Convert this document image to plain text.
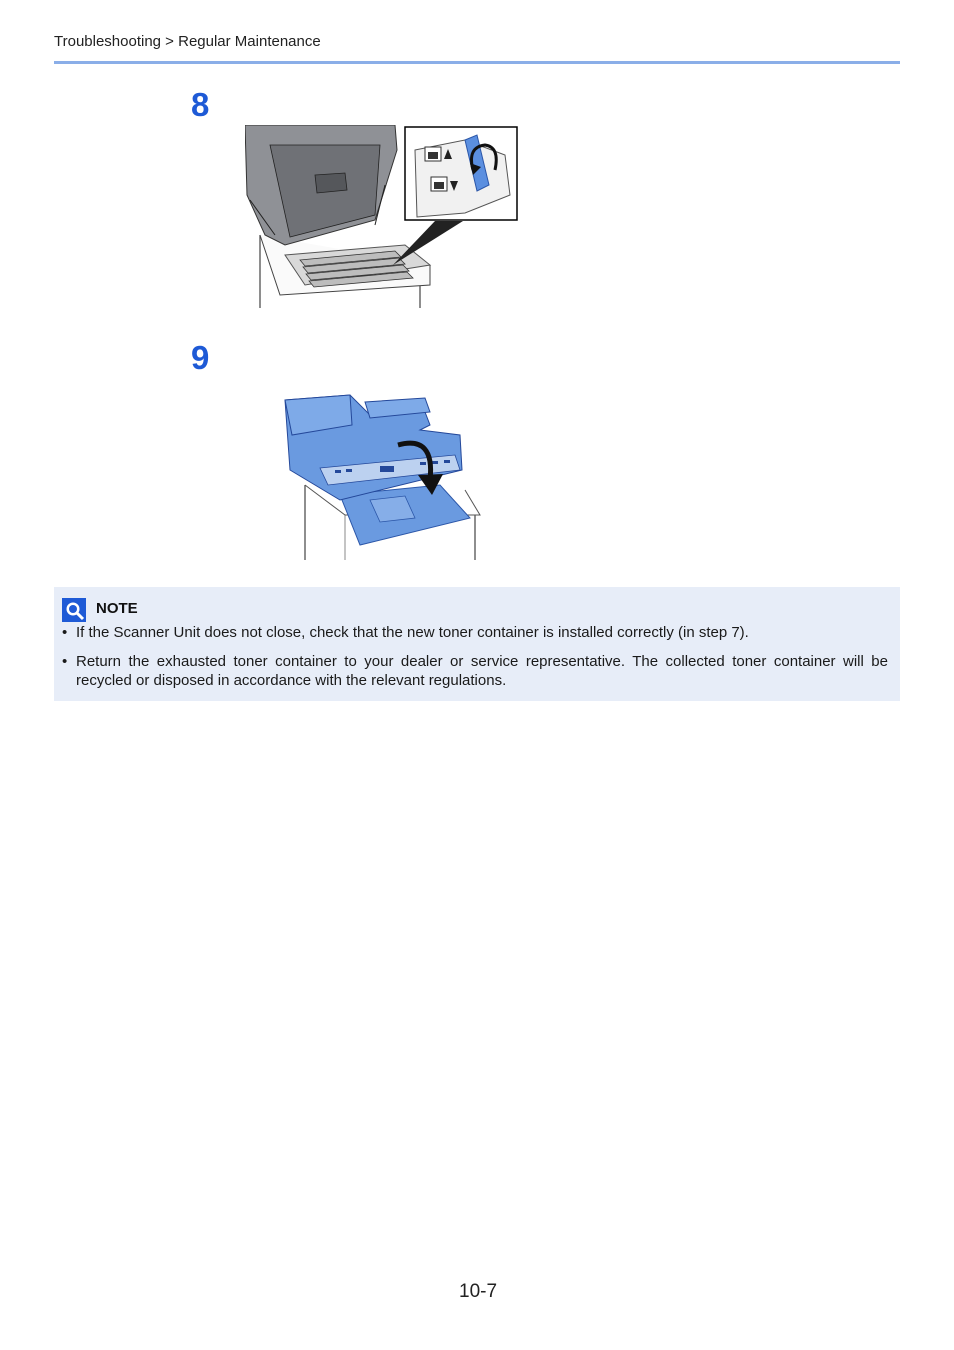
Troubleshooting > Regular Maintenance
8
9
NOTE
• If the Scanner Unit does not close, check that the new toner container is installed correctly (in step 7).
• Return the exhausted toner container to your dealer or service representative. The collected toner container will be recycled or disposed in accordance with the relevant regulations.
10-7
